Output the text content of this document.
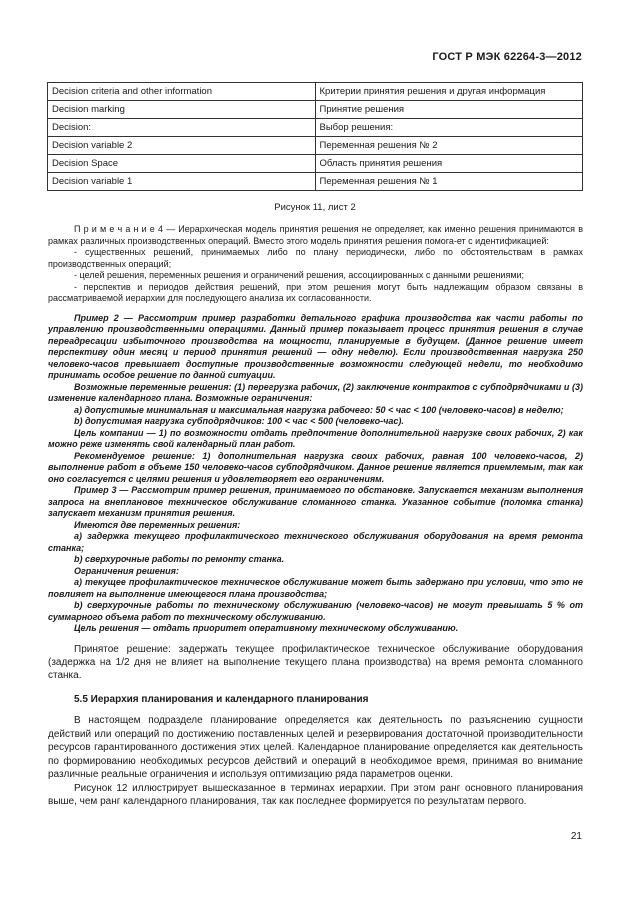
ГОСТ Р МЭК 62264-3—2012
Decision criteria and other information	Критерии принятия решения и другая информация
Decision marking	Принятие решения
Decision:	Выбор решения:
Decision variable 2	Переменная решения № 2
Decision Space	Область принятия решения
Decision variable 1	Переменная решения № 1
Рисунок 11, лист 2

П р и м е ч а н и е 4 — Иерархическая модель принятия решения не определяет, как именно решения принимаются в рамках различных производственных операций. Вместо этого модель принятия решения помога-ет с идентификацией:

- существенных решений, принимаемых либо по плану периодически, либо по обстоятельствам в рамках производственных операций;

- целей решения, переменных решения и ограничений решения, ассоциированных с данными решениями;

- перспектив и периодов действия решений, при этом решения могут быть надлежащим образом связаны в рассматриваемой иерархии для последующего анализа их согласованности.

Пример 2 — Рассмотрим пример разработки детального графика производства как части работы по управлению производственными операциями. Данный пример показывает процесс принятия решения в случае переадресации избыточного производства на мощности, планируемые в будущем. (Данное решение имеет перспективу один месяц и период принятия решений — одну неделю). Если производственная нагрузка 250 человеко-часов превышает доступные производственные возможности следующей недели, то необходимо принимать особое решение по данной ситуации.

Возможные переменные решения: (1) перегрузка рабочих, (2) заключение контрактов с субподрядчиками и (3) изменение календарного плана. Возможные ограничения:

а) допустимые минимальная и максимальная нагрузка рабочего: 50 < час < 100 (человеко-часов) в неделю;

b) допустимая нагрузка субподрядчиков: 100 < час < 500 (человеко-час).

Цель компании — 1) по возможности отдать предпочтение дополнительной нагрузке своих рабочих, 2) как можно реже изменять свой календарный план работ.

Рекомендуемое решение: 1) дополнительная нагрузка своих рабочих, равная 100 человеко-часов, 2) выполнение работ в объеме 150 человеко-часов субподрядчиком. Данное решение является приемлемым, так как оно согласуется с целями решения и удовлетворяет его ограничениям.

Пример 3 — Рассмотрим пример решения, принимаемого по обстановке. Запускается механизм выполнения запроса на внеплановое техническое обслуживание сломанного станка. Указанное событие (поломка станка) запускает механизм принятия решения.

Имеются две переменных решения:

а) задержка текущего профилактического технического обслуживания оборудования на время ремонта станка;

b) сверхурочные работы по ремонту станка.

Ограничения решения:

а) текущее профилактическое техническое обслуживание может быть задержано при условии, что это не повлияет на выполнение имеющегося плана производства;

b) сверхурочные работы по техническому обслуживанию (человеко-часов) не могут превышать 5 % от суммарного объема работ по техническому обслуживанию.

Цель решения — отдать приоритет оперативному техническому обслуживанию.

Принятое решение: задержать текущее профилактическое техническое обслуживание оборудования (задержка на 1/2 дня не влияет на выполнение текущего плана производства) на время ремонта сломанного станка.

5.5 Иерархия планирования и календарного планирования

В настоящем подразделе планирование определяется как деятельность по разъяснению сущности действий или операций по достижению поставленных целей и резервирования достаточной производительности ресурсов гарантированного достижения этих целей. Календарное планирование определяется как деятельность по формированию необходимых ресурсов действий и операций в необходимое время, принимая во внимание различные реальные ограничения и используя оптимизацию ряда параметров оценки.

Рисунок 12 иллюстрирует вышесказанное в терминах иерархии. При этом ранг основного планирования выше, чем ранг календарного планирования, так как последнее формируется по результатам первого.

21
